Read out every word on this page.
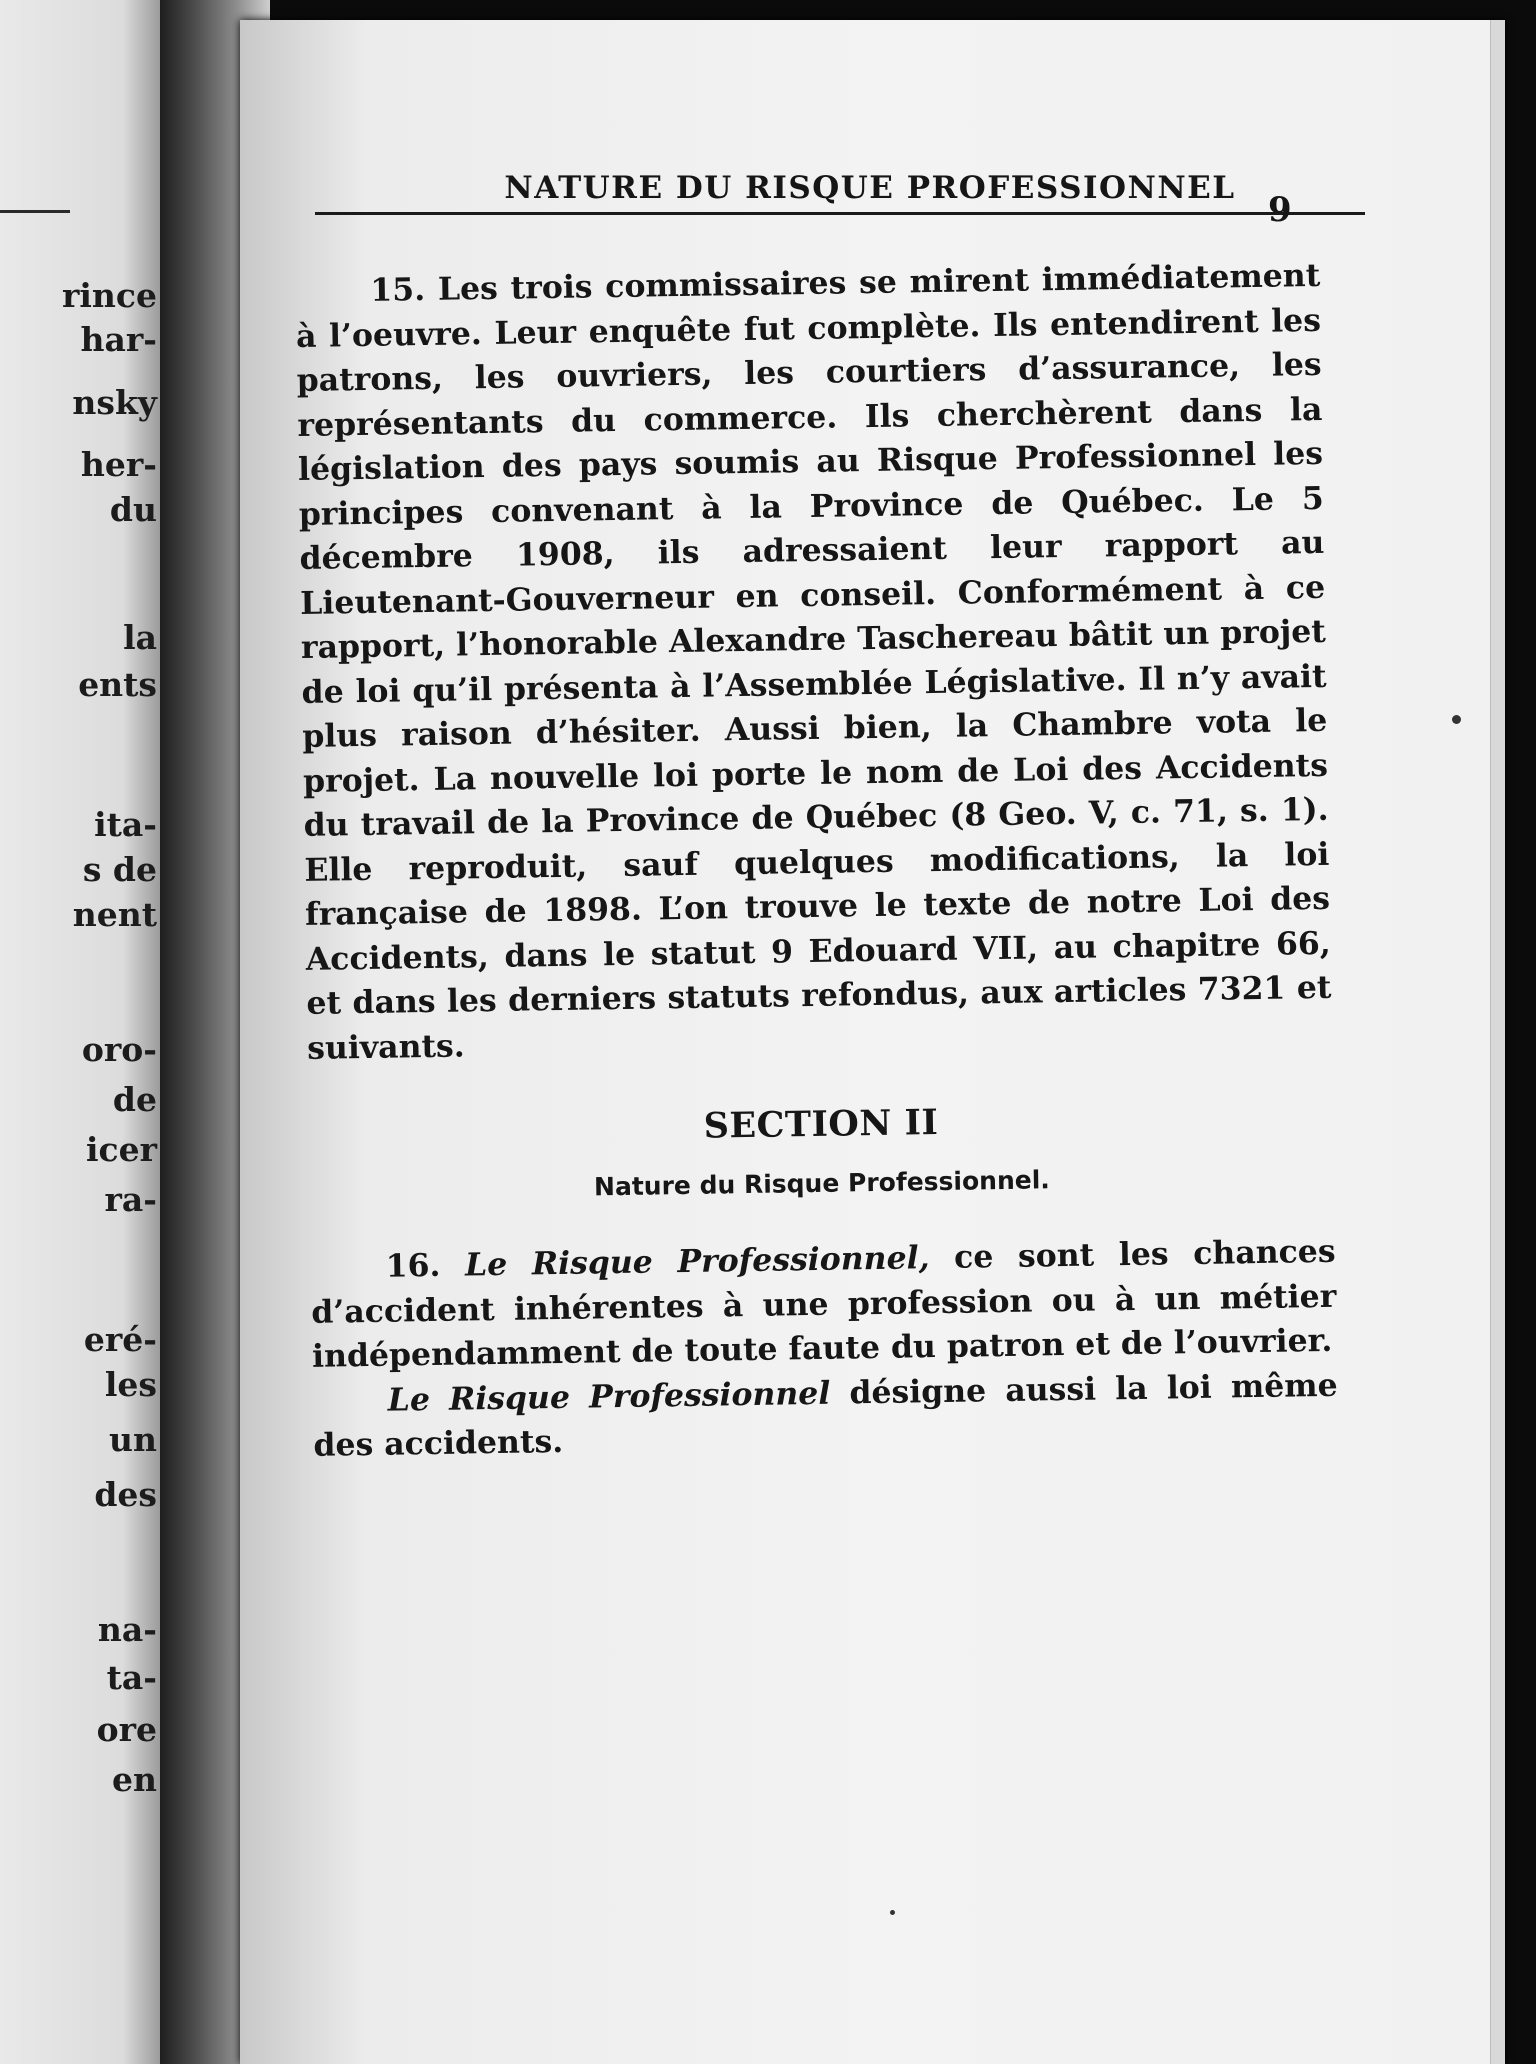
rince
har-
nsky
her-
du
la
ents
ita-
s de
nent
oro-
de
icer
ra-
eré-
les
un
des
na-
ta-
ore
en
NATURE DU RISQUE PROFESSIONNEL
9

15. Les trois commissaires se mirent immédiatement à l’oeuvre. Leur enquête fut complète. Ils entendirent les patrons, les ouvriers, les courtiers d’assurance, les représentants du commerce. Ils cherchèrent dans la législation des pays soumis au Risque Professionnel les principes convenant à la Province de Québec. Le 5 décembre 1908, ils adressaient leur rapport au Lieutenant-Gouverneur en conseil. Conformément à ce rapport, l’honorable Alexandre Taschereau bâtit un projet de loi qu’il présenta à l’Assemblée Législative. Il n’y avait plus raison d’hésiter. Aussi bien, la Chambre vota le projet. La nouvelle loi porte le nom de Loi des Accidents du travail de la Province de Québec (8 Geo. V, c. 71, s. 1). Elle reproduit, sauf quelques modifications, la loi française de 1898. L’on trouve le texte de notre Loi des Accidents, dans le statut 9 Edouard VII, au chapitre 66, et dans les derniers statuts refondus, aux articles 7321 et suivants.

SECTION II
Nature du Risque Professionnel.

16. Le Risque Professionnel, ce sont les chances d’accident inhérentes à une profession ou à un métier indépendamment de toute faute du patron et de l’ouvrier.

Le Risque Professionnel désigne aussi la loi même des accidents.
